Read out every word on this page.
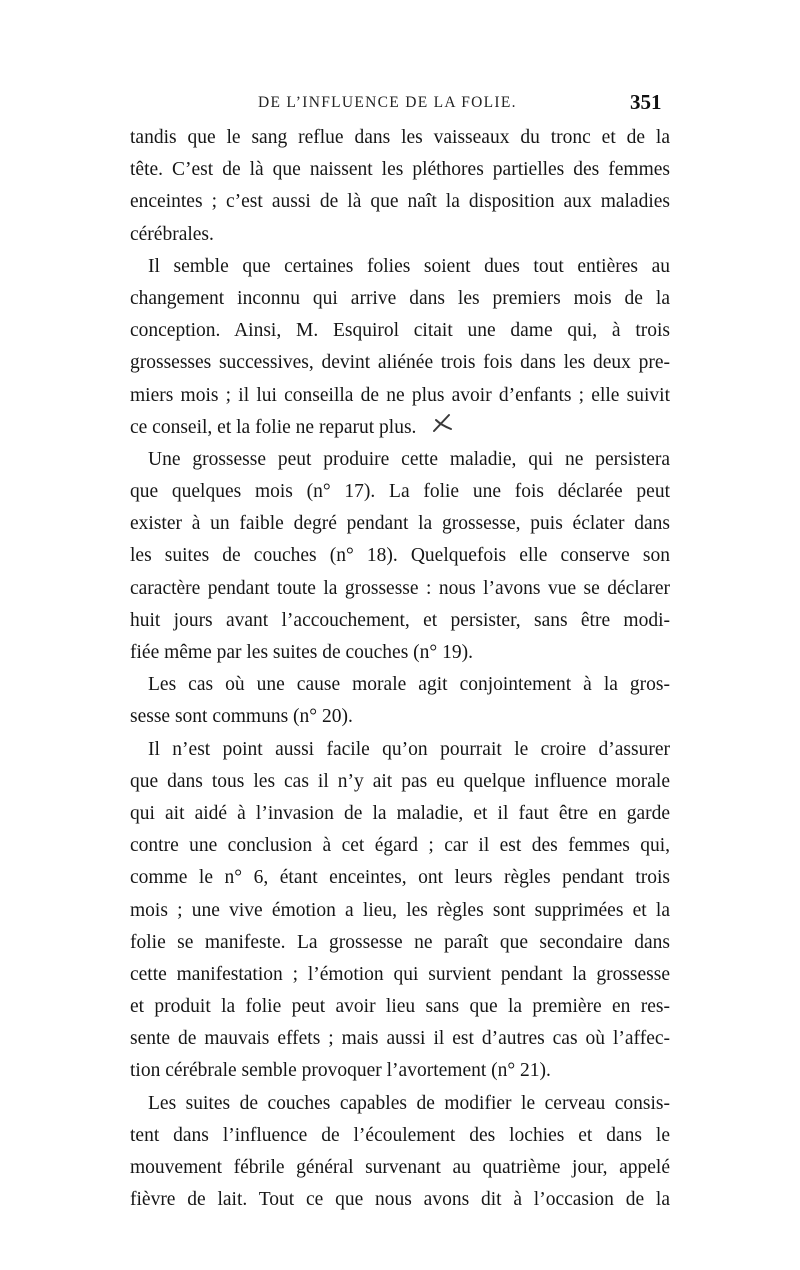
DE L’INFLUENCE DE LA FOLIE.	351
tandis que le sang reflue dans les vaisseaux du tronc et de la
tête. C’est de là que naissent les pléthores partielles des femmes
enceintes ; c’est aussi de là que naît la disposition aux maladies
cérébrales.
Il semble que certaines folies soient dues tout entières au
changement inconnu qui arrive dans les premiers mois de la
conception. Ainsi, M. Esquirol citait une dame qui, à trois
grossesses successives, devint aliénée trois fois dans les deux pre-
miers mois ; il lui conseilla de ne plus avoir d’enfants ; elle suivit
ce conseil, et la folie ne reparut plus.
Une grossesse peut produire cette maladie, qui ne persistera
que quelques mois (n° 17). La folie une fois déclarée peut
exister à un faible degré pendant la grossesse, puis éclater dans
les suites de couches (n° 18). Quelquefois elle conserve son
caractère pendant toute la grossesse : nous l’avons vue se déclarer
huit jours avant l’accouchement, et persister, sans être modi-
fiée même par les suites de couches (n° 19).
Les cas où une cause morale agit conjointement à la gros-
sesse sont communs (n° 20).
Il n’est point aussi facile qu’on pourrait le croire d’assurer
que dans tous les cas il n’y ait pas eu quelque influence morale
qui ait aidé à l’invasion de la maladie, et il faut être en garde
contre une conclusion à cet égard ; car il est des femmes qui,
comme le n° 6, étant enceintes, ont leurs règles pendant trois
mois ; une vive émotion a lieu, les règles sont supprimées et la
folie se manifeste. La grossesse ne paraît que secondaire dans
cette manifestation ; l’émotion qui survient pendant la grossesse
et produit la folie peut avoir lieu sans que la première en res-
sente de mauvais effets ; mais aussi il est d’autres cas où l’affec-
tion cérébrale semble provoquer l’avortement (n° 21).
Les suites de couches capables de modifier le cerveau consis-
tent dans l’influence de l’écoulement des lochies et dans le
mouvement fébrile général survenant au quatrième jour, appelé
fièvre de lait. Tout ce que nous avons dit à l’occasion de la
